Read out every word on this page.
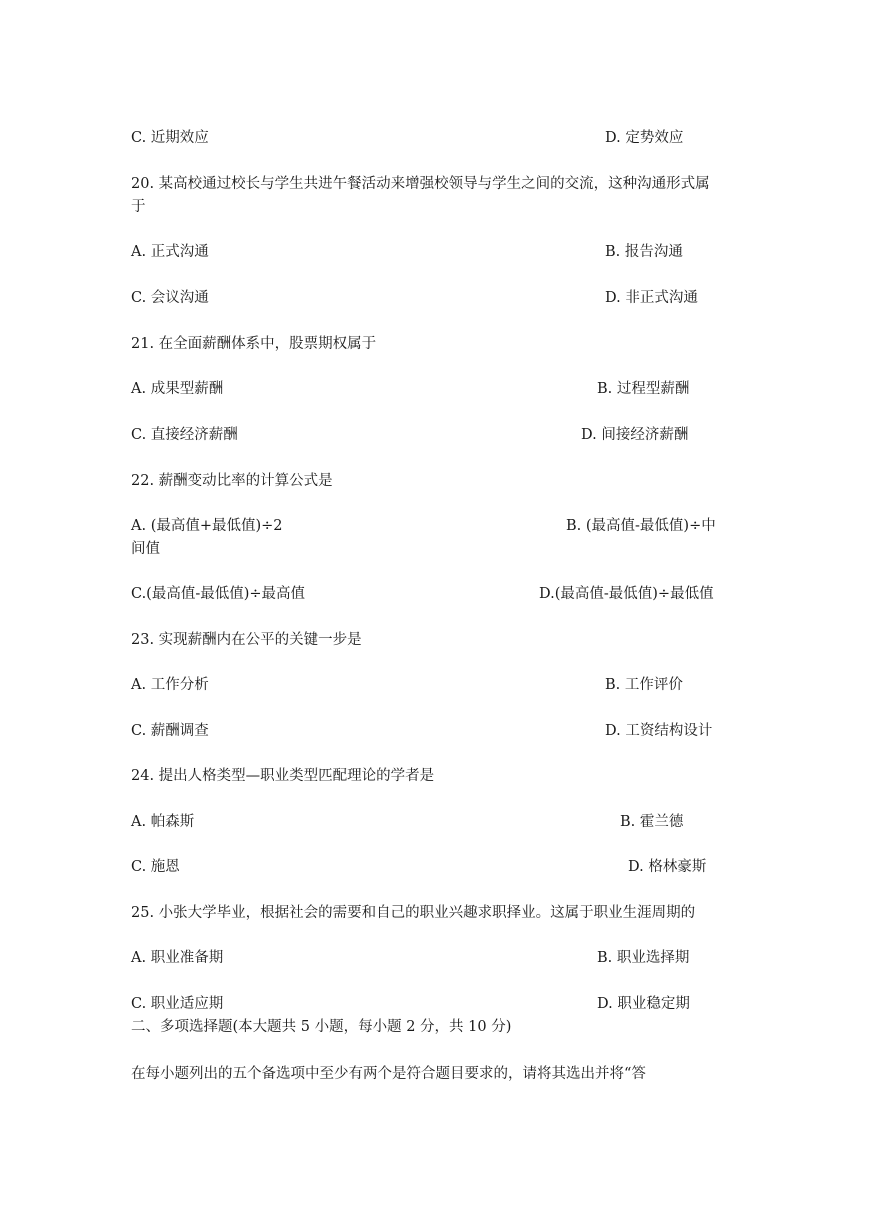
C. 近期效应	D. 定势效应
20. 某高校通过校长与学生共进午餐活动来增强校领导与学生之间的交流，这种沟通形式属
于
A. 正式沟通	B. 报告沟通
C. 会议沟通	D. 非正式沟通
21. 在全面薪酬体系中，股票期权属于
A. 成果型薪酬	B. 过程型薪酬
C. 直接经济薪酬	D. 间接经济薪酬
22. 薪酬变动比率的计算公式是
A. (最高值+最低值)÷2	B. (最高值-最低值)÷中
间值
C.(最高值-最低值)÷最高值	D.(最高值-最低值)÷最低值
23. 实现薪酬内在公平的关键一步是
A. 工作分析	B. 工作评价
C. 薪酬调查	D. 工资结构设计
24. 提出人格类型—职业类型匹配理论的学者是
A. 帕森斯	B. 霍兰德
C. 施恩	D. 格林豪斯
25. 小张大学毕业，根据社会的需要和自己的职业兴趣求职择业。这属于职业生涯周期的
A. 职业准备期	B. 职业选择期
C. 职业适应期	D. 职业稳定期
二、多项选择题(本大题共 5 小题，每小题 2 分，共 10 分)
在每小题列出的五个备选项中至少有两个是符合题目要求的，请将其选出并将“答
